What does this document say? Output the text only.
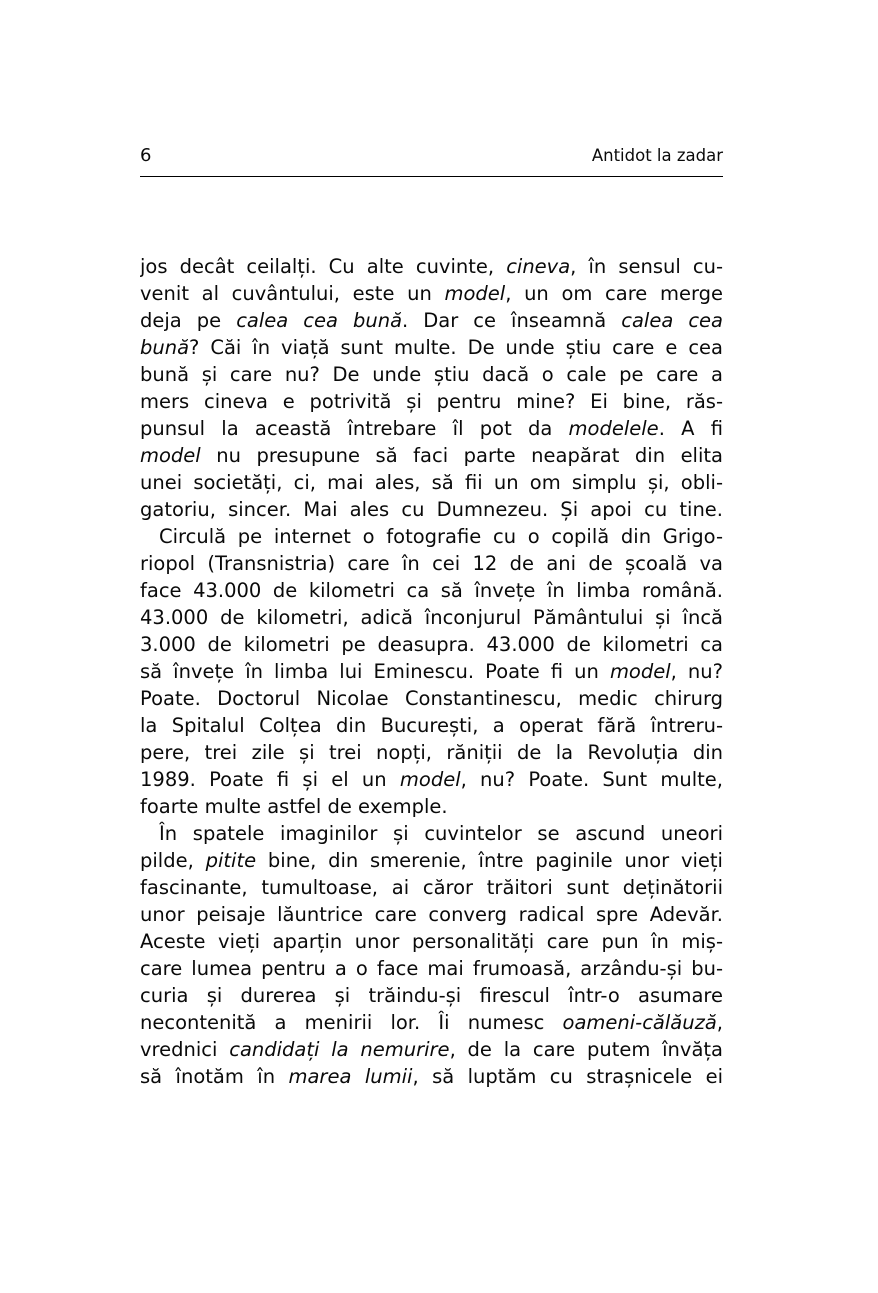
6	Antidot la zadar
jos decât ceilalți. Cu alte cuvinte, cineva, în sensul cu-
venit al cuvântului, este un model, un om care merge
deja pe calea cea bună. Dar ce înseamnă calea cea
bună? Căi în viață sunt multe. De unde știu care e cea
bună și care nu? De unde știu dacă o cale pe care a
mers cineva e potrivită și pentru mine? Ei bine, răs-
punsul la această întrebare îl pot da modelele. A fi
model nu presupune să faci parte neapărat din elita
unei societăți, ci, mai ales, să fii un om simplu și, obli-
gatoriu, sincer. Mai ales cu Dumnezeu. Și apoi cu tine.
Circulă pe internet o fotografie cu o copilă din Grigo-
riopol (Transnistria) care în cei 12 de ani de școală va
face 43.000 de kilometri ca să învețe în limba română.
43.000 de kilometri, adică înconjurul Pământului și încă
3.000 de kilometri pe deasupra. 43.000 de kilometri ca
să învețe în limba lui Eminescu. Poate fi un model, nu?
Poate. Doctorul Nicolae Constantinescu, medic chirurg
la Spitalul Colțea din București, a operat fără întreru-
pere, trei zile și trei nopți, răniții de la Revoluția din
1989. Poate fi și el un model, nu? Poate. Sunt multe,
foarte multe astfel de exemple.
În spatele imaginilor și cuvintelor se ascund uneori
pilde, pitite bine, din smerenie, între paginile unor vieți
fascinante, tumultoase, ai căror trăitori sunt deținătorii
unor peisaje lăuntrice care converg radical spre Adevăr.
Aceste vieți aparțin unor personalități care pun în miș-
care lumea pentru a o face mai frumoasă, arzându-și bu-
curia și durerea și trăindu-și firescul într-o asumare
necontenită a menirii lor. Îi numesc oameni-călăuză,
vrednici candidați la nemurire, de la care putem învăța
să înotăm în marea lumii, să luptăm cu strașnicele ei
